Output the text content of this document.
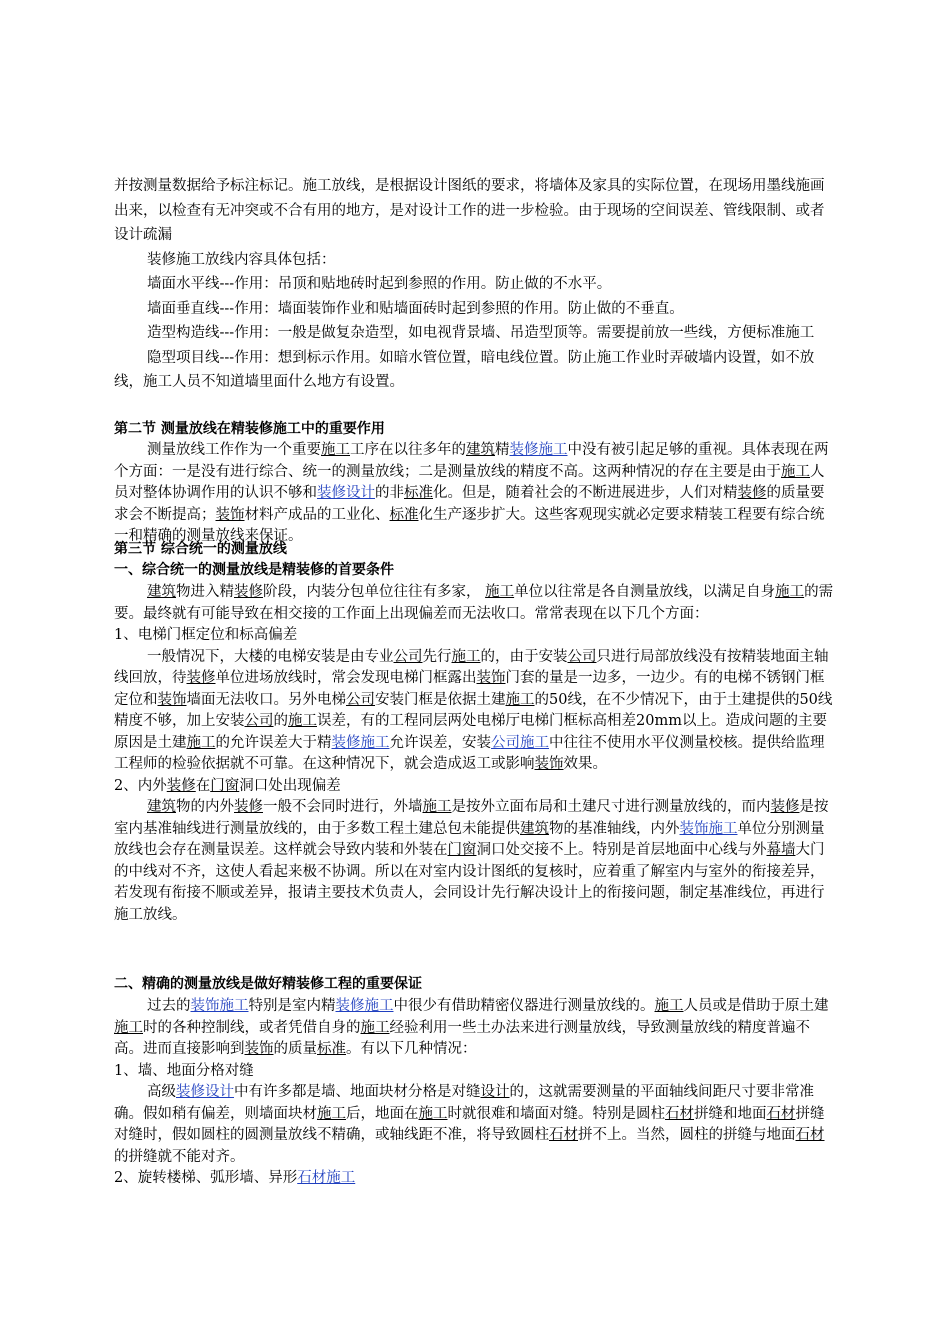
并按测量数据给予标注标记。施工放线，是根据设计图纸的要求，将墙体及家具的实际位置，在现场用墨线施画出来，以检查有无冲突或不合有用的地方，是对设计工作的进一步检验。由于现场的空间误差、管线限制、或者设计疏漏

装修施工放线内容具体包括：

墙面水平线---作用：吊顶和贴地砖时起到参照的作用。防止做的不水平。

墙面垂直线---作用：墙面装饰作业和贴墙面砖时起到参照的作用。防止做的不垂直。

造型构造线---作用：一般是做复杂造型，如电视背景墙、吊造型顶等。需要提前放一些线，方便标准施工

隐型项目线---作用：想到标示作用。如暗水管位置，暗电线位置。防止施工作业时弄破墙内设置，如不放线，施工人员不知道墙里面什么地方有设置。

第二节 测量放线在精装修施工中的重要作用

测量放线工作作为一个重要施工工序在以往多年的建筑精装修施工中没有被引起足够的重视。具体表现在两个方面：一是没有进行综合、统一的测量放线；二是测量放线的精度不高。这两种情况的存在主要是由于施工人员对整体协调作用的认识不够和装修设计的非标准化。但是，随着社会的不断进展进步，人们对精装修的质量要求会不断提高；装饰材料产成品的工业化、标准化生产逐步扩大。这些客观现实就必定要求精装工程要有综合统一和精确的测量放线来保证。

第三节 综合统一的测量放线
一、综合统一的测量放线是精装修的首要条件

建筑物进入精装修阶段，内装分包单位往往有多家， 施工单位以往常是各自测量放线，以满足自身施工的需要。最终就有可能导致在相交接的工作面上出现偏差而无法收口。常常表现在以下几个方面：

1、电梯门框定位和标高偏差

一般情况下，大楼的电梯安装是由专业公司先行施工的，由于安装公司只进行局部放线没有按精装地面主轴线回放，待装修单位进场放线时，常会发现电梯门框露出装饰门套的量是一边多，一边少。有的电梯不锈钢门框定位和装饰墙面无法收口。另外电梯公司安装门框是依据土建施工的50线，在不少情况下，由于土建提供的50线精度不够，加上安装公司的施工误差，有的工程同层两处电梯厅电梯门框标高相差20mm以上。造成问题的主要原因是土建施工的允许误差大于精装修施工允许误差，安装公司施工中往往不使用水平仪测量校核。提供给监理工程师的检验依据就不可靠。在这种情况下，就会造成返工或影响装饰效果。

2、内外装修在门窗洞口处出现偏差

建筑物的内外装修一般不会同时进行，外墙施工是按外立面布局和土建尺寸进行测量放线的，而内装修是按室内基准轴线进行测量放线的，由于多数工程土建总包未能提供建筑物的基准轴线，内外装饰施工单位分别测量放线也会存在测量误差。这样就会导致内装和外装在门窗洞口处交接不上。特别是首层地面中心线与外幕墙大门的中线对不齐，这使人看起来极不协调。所以在对室内设计图纸的复核时，应着重了解室内与室外的衔接差异，若发现有衔接不顺或差异，报请主要技术负责人，会同设计先行解决设计上的衔接问题，制定基准线位，再进行施工放线。

二、精确的测量放线是做好精装修工程的重要保证

过去的装饰施工特别是室内精装修施工中很少有借助精密仪器进行测量放线的。施工人员或是借助于原土建施工时的各种控制线，或者凭借自身的施工经验利用一些土办法来进行测量放线，导致测量放线的精度普遍不高。进而直接影响到装饰的质量标准。有以下几种情况：

1、墙、地面分格对缝

高级装修设计中有许多都是墙、地面块材分格是对缝设计的，这就需要测量的平面轴线间距尺寸要非常准确。假如稍有偏差，则墙面块材施工后，地面在施工时就很难和墙面对缝。特别是圆柱石材拼缝和地面石材拼缝对缝时，假如圆柱的圆测量放线不精确，或轴线距不准，将导致圆柱石材拼不上。当然，圆柱的拼缝与地面石材的拼缝就不能对齐。

2、旋转楼梯、弧形墙、异形石材施工
